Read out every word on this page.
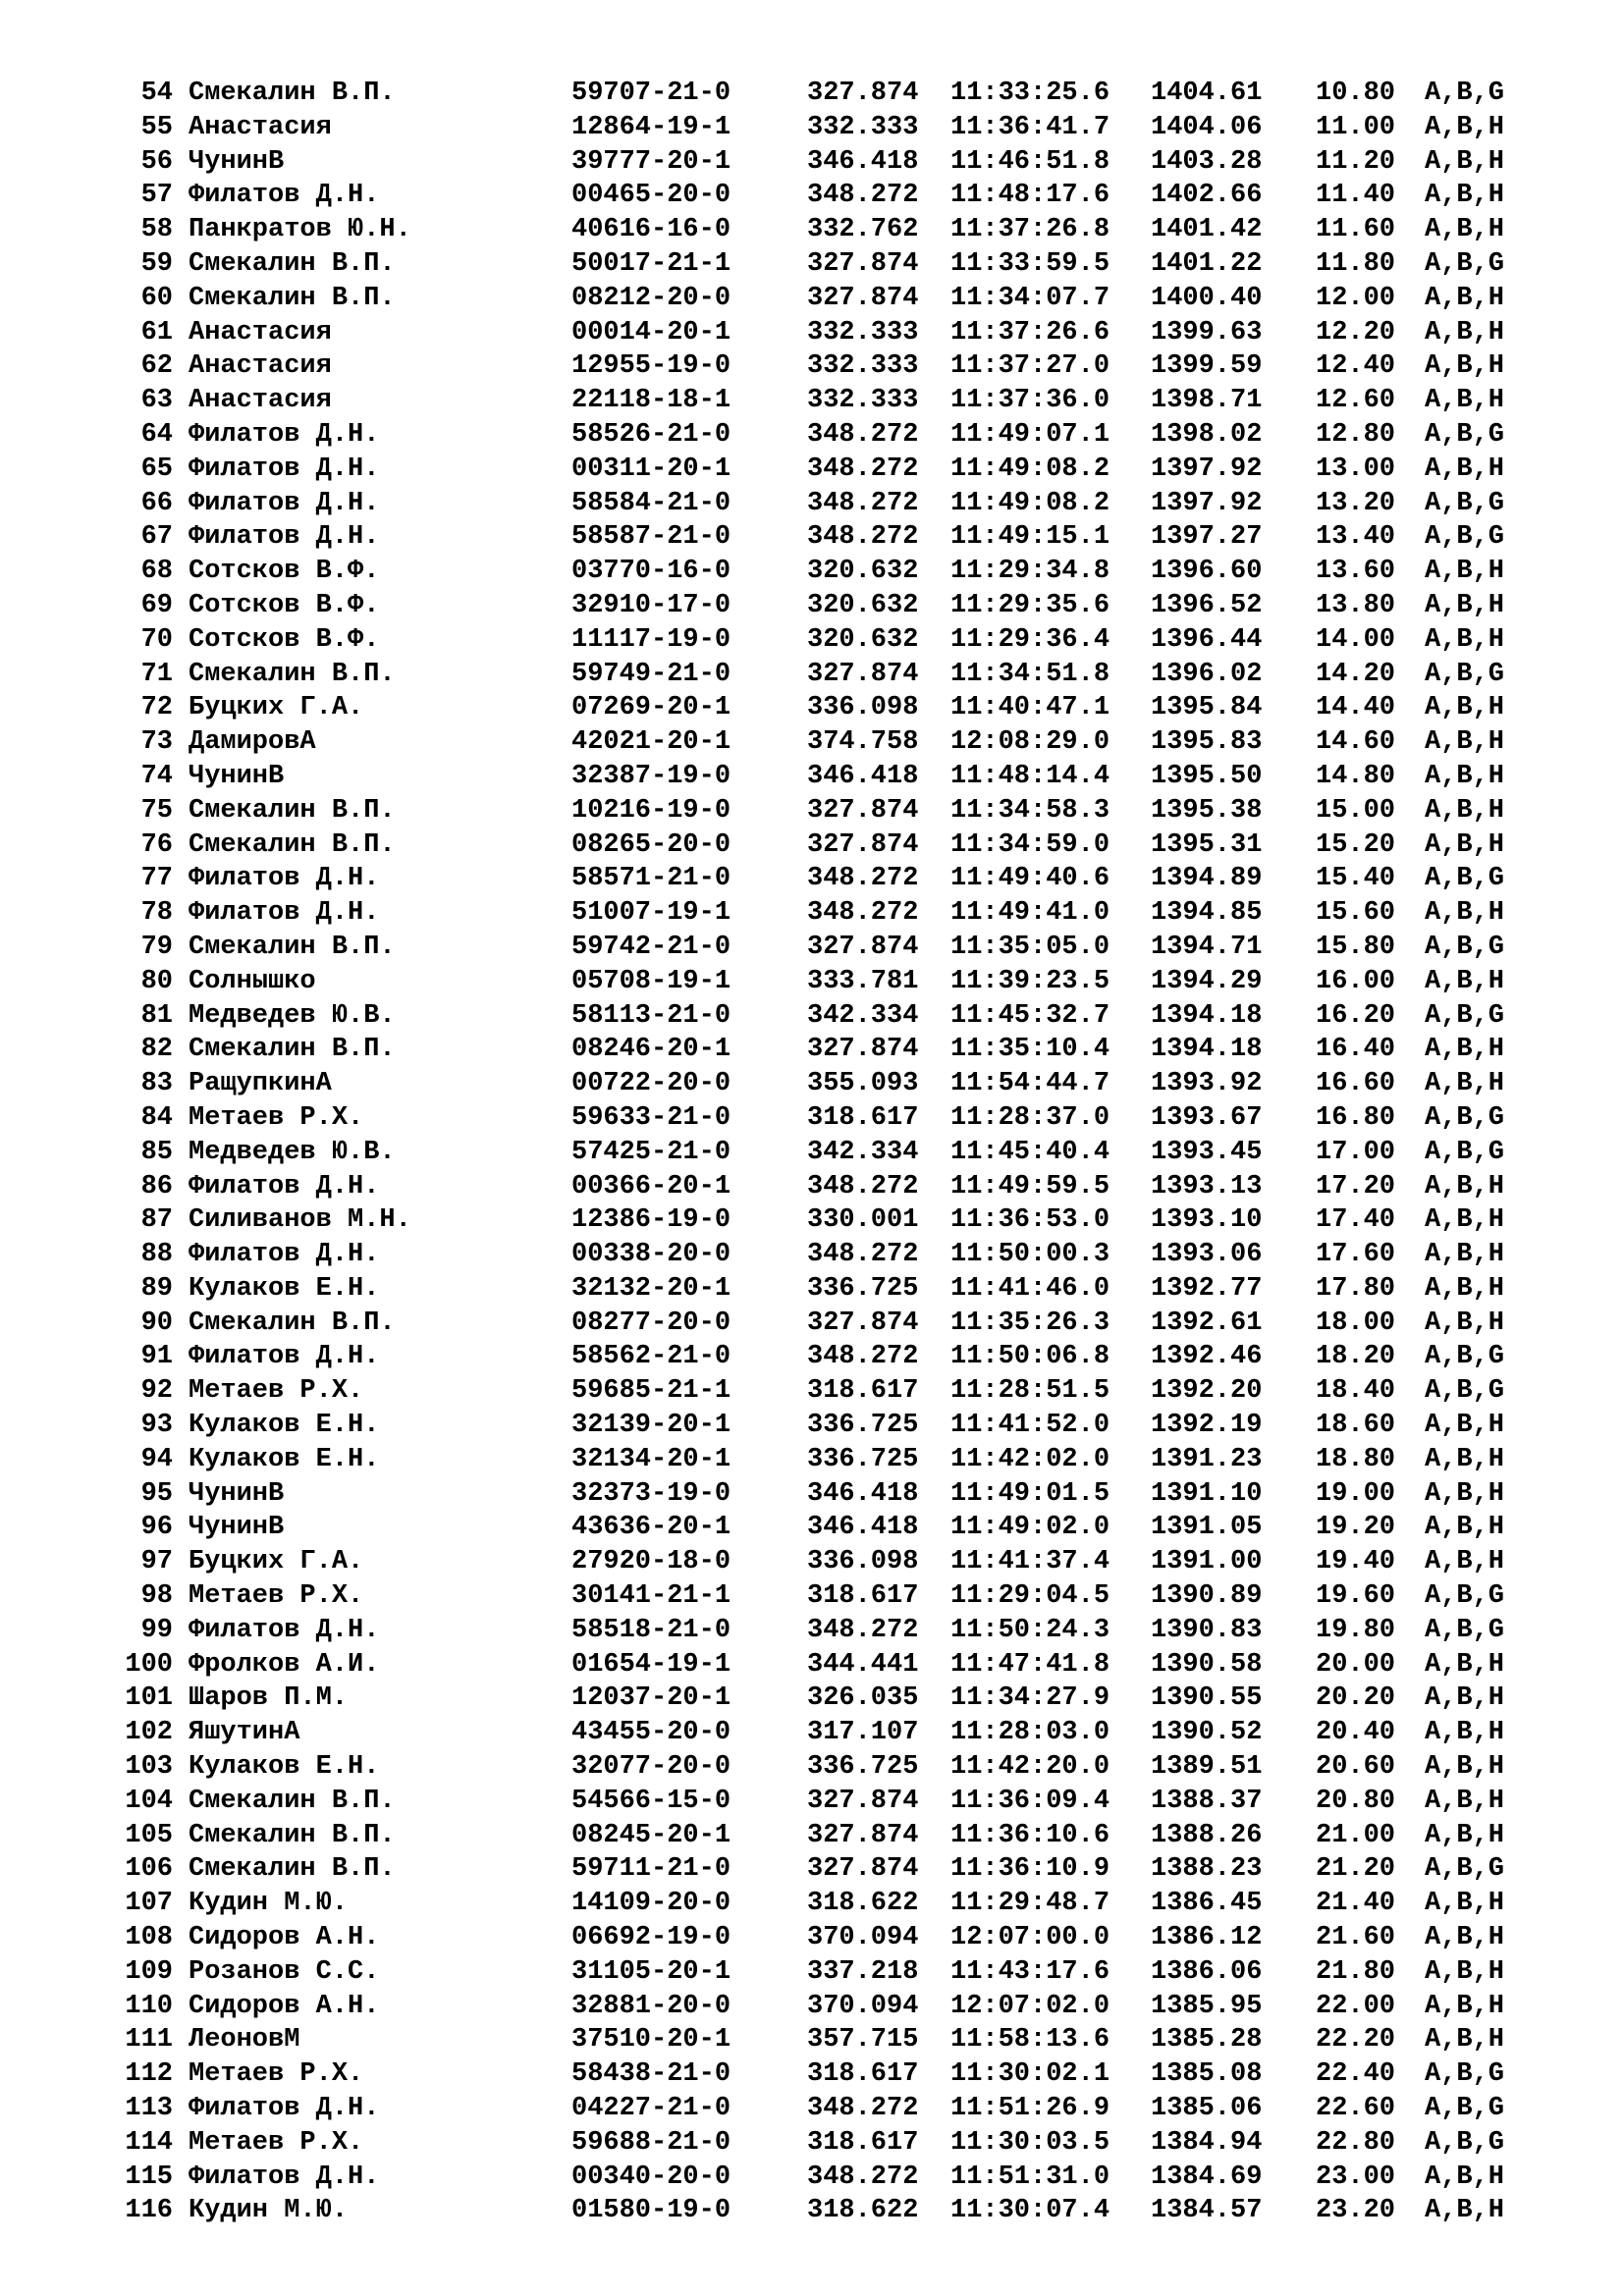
54	Смекалин В.П.	59707-21-0	327.874	11:33:25.6	1404.61	10.80	A,B,G
55	Анастасия	12864-19-1	332.333	11:36:41.7	1404.06	11.00	A,B,H
56	ЧунинВ	39777-20-1	346.418	11:46:51.8	1403.28	11.20	A,B,H
57	Филатов Д.Н.	00465-20-0	348.272	11:48:17.6	1402.66	11.40	A,B,H
58	Панкратов Ю.Н.	40616-16-0	332.762	11:37:26.8	1401.42	11.60	A,B,H
59	Смекалин В.П.	50017-21-1	327.874	11:33:59.5	1401.22	11.80	A,B,G
60	Смекалин В.П.	08212-20-0	327.874	11:34:07.7	1400.40	12.00	A,B,H
61	Анастасия	00014-20-1	332.333	11:37:26.6	1399.63	12.20	A,B,H
62	Анастасия	12955-19-0	332.333	11:37:27.0	1399.59	12.40	A,B,H
63	Анастасия	22118-18-1	332.333	11:37:36.0	1398.71	12.60	A,B,H
64	Филатов Д.Н.	58526-21-0	348.272	11:49:07.1	1398.02	12.80	A,B,G
65	Филатов Д.Н.	00311-20-1	348.272	11:49:08.2	1397.92	13.00	A,B,H
66	Филатов Д.Н.	58584-21-0	348.272	11:49:08.2	1397.92	13.20	A,B,G
67	Филатов Д.Н.	58587-21-0	348.272	11:49:15.1	1397.27	13.40	A,B,G
68	Сотсков В.Ф.	03770-16-0	320.632	11:29:34.8	1396.60	13.60	A,B,H
69	Сотсков В.Ф.	32910-17-0	320.632	11:29:35.6	1396.52	13.80	A,B,H
70	Сотсков В.Ф.	11117-19-0	320.632	11:29:36.4	1396.44	14.00	A,B,H
71	Смекалин В.П.	59749-21-0	327.874	11:34:51.8	1396.02	14.20	A,B,G
72	Буцких Г.А.	07269-20-1	336.098	11:40:47.1	1395.84	14.40	A,B,H
73	ДамировА	42021-20-1	374.758	12:08:29.0	1395.83	14.60	A,B,H
74	ЧунинВ	32387-19-0	346.418	11:48:14.4	1395.50	14.80	A,B,H
75	Смекалин В.П.	10216-19-0	327.874	11:34:58.3	1395.38	15.00	A,B,H
76	Смекалин В.П.	08265-20-0	327.874	11:34:59.0	1395.31	15.20	A,B,H
77	Филатов Д.Н.	58571-21-0	348.272	11:49:40.6	1394.89	15.40	A,B,G
78	Филатов Д.Н.	51007-19-1	348.272	11:49:41.0	1394.85	15.60	A,B,H
79	Смекалин В.П.	59742-21-0	327.874	11:35:05.0	1394.71	15.80	A,B,G
80	Солнышко	05708-19-1	333.781	11:39:23.5	1394.29	16.00	A,B,H
81	Медведев Ю.В.	58113-21-0	342.334	11:45:32.7	1394.18	16.20	A,B,G
82	Смекалин В.П.	08246-20-1	327.874	11:35:10.4	1394.18	16.40	A,B,H
83	РащупкинА	00722-20-0	355.093	11:54:44.7	1393.92	16.60	A,B,H
84	Метаев Р.Х.	59633-21-0	318.617	11:28:37.0	1393.67	16.80	A,B,G
85	Медведев Ю.В.	57425-21-0	342.334	11:45:40.4	1393.45	17.00	A,B,G
86	Филатов Д.Н.	00366-20-1	348.272	11:49:59.5	1393.13	17.20	A,B,H
87	Силиванов М.Н.	12386-19-0	330.001	11:36:53.0	1393.10	17.40	A,B,H
88	Филатов Д.Н.	00338-20-0	348.272	11:50:00.3	1393.06	17.60	A,B,H
89	Кулаков Е.Н.	32132-20-1	336.725	11:41:46.0	1392.77	17.80	A,B,H
90	Смекалин В.П.	08277-20-0	327.874	11:35:26.3	1392.61	18.00	A,B,H
91	Филатов Д.Н.	58562-21-0	348.272	11:50:06.8	1392.46	18.20	A,B,G
92	Метаев Р.Х.	59685-21-1	318.617	11:28:51.5	1392.20	18.40	A,B,G
93	Кулаков Е.Н.	32139-20-1	336.725	11:41:52.0	1392.19	18.60	A,B,H
94	Кулаков Е.Н.	32134-20-1	336.725	11:42:02.0	1391.23	18.80	A,B,H
95	ЧунинВ	32373-19-0	346.418	11:49:01.5	1391.10	19.00	A,B,H
96	ЧунинВ	43636-20-1	346.418	11:49:02.0	1391.05	19.20	A,B,H
97	Буцких Г.А.	27920-18-0	336.098	11:41:37.4	1391.00	19.40	A,B,H
98	Метаев Р.Х.	30141-21-1	318.617	11:29:04.5	1390.89	19.60	A,B,G
99	Филатов Д.Н.	58518-21-0	348.272	11:50:24.3	1390.83	19.80	A,B,G
100	Фролков А.И.	01654-19-1	344.441	11:47:41.8	1390.58	20.00	A,B,H
101	Шаров П.М.	12037-20-1	326.035	11:34:27.9	1390.55	20.20	A,B,H
102	ЯшутинА	43455-20-0	317.107	11:28:03.0	1390.52	20.40	A,B,H
103	Кулаков Е.Н.	32077-20-0	336.725	11:42:20.0	1389.51	20.60	A,B,H
104	Смекалин В.П.	54566-15-0	327.874	11:36:09.4	1388.37	20.80	A,B,H
105	Смекалин В.П.	08245-20-1	327.874	11:36:10.6	1388.26	21.00	A,B,H
106	Смекалин В.П.	59711-21-0	327.874	11:36:10.9	1388.23	21.20	A,B,G
107	Кудин М.Ю.	14109-20-0	318.622	11:29:48.7	1386.45	21.40	A,B,H
108	Сидоров А.Н.	06692-19-0	370.094	12:07:00.0	1386.12	21.60	A,B,H
109	Розанов С.С.	31105-20-1	337.218	11:43:17.6	1386.06	21.80	A,B,H
110	Сидоров А.Н.	32881-20-0	370.094	12:07:02.0	1385.95	22.00	A,B,H
111	ЛеоновМ	37510-20-1	357.715	11:58:13.6	1385.28	22.20	A,B,H
112	Метаев Р.Х.	58438-21-0	318.617	11:30:02.1	1385.08	22.40	A,B,G
113	Филатов Д.Н.	04227-21-0	348.272	11:51:26.9	1385.06	22.60	A,B,G
114	Метаев Р.Х.	59688-21-0	318.617	11:30:03.5	1384.94	22.80	A,B,G
115	Филатов Д.Н.	00340-20-0	348.272	11:51:31.0	1384.69	23.00	A,B,H
116	Кудин М.Ю.	01580-19-0	318.622	11:30:07.4	1384.57	23.20	A,B,H
